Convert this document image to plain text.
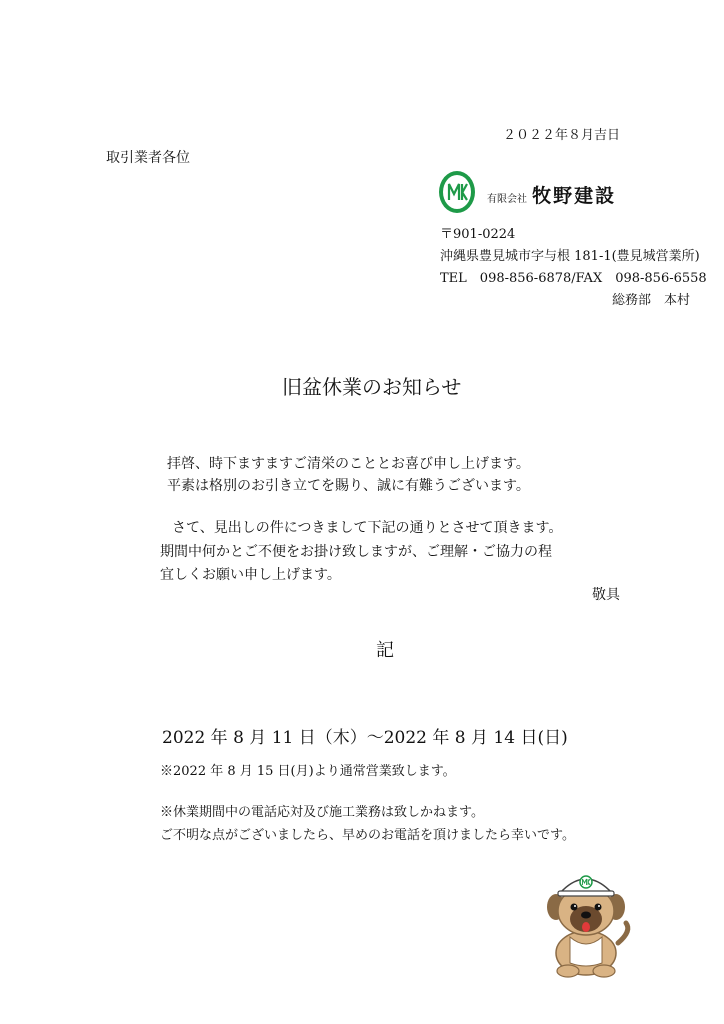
２０２２年８月吉日
取引業者各位
有限会社 牧野建設
〒901-0224
沖縄県豊見城市字与根 181-1(豊見城営業所)
TEL　098-856-6878/FAX　098-856-6558
総務部　本村
旧盆休業のお知らせ
拝啓、時下ますますご清栄のこととお喜び申し上げます。
平素は格別のお引き立てを賜り、誠に有難うございます。
さて、見出しの件につきまして下記の通りとさせて頂きます。
期間中何かとご不便をお掛け致しますが、ご理解・ご協力の程
宜しくお願い申し上げます。
敬具
記
2022 年 8 月 11 日（木）〜2022 年 8 月 14 日(日)
※2022 年 8 月 15 日(月)より通常営業致します。
※休業期間中の電話応対及び施工業務は致しかねます。
ご不明な点がございましたら、早めのお電話を頂けましたら幸いです。
